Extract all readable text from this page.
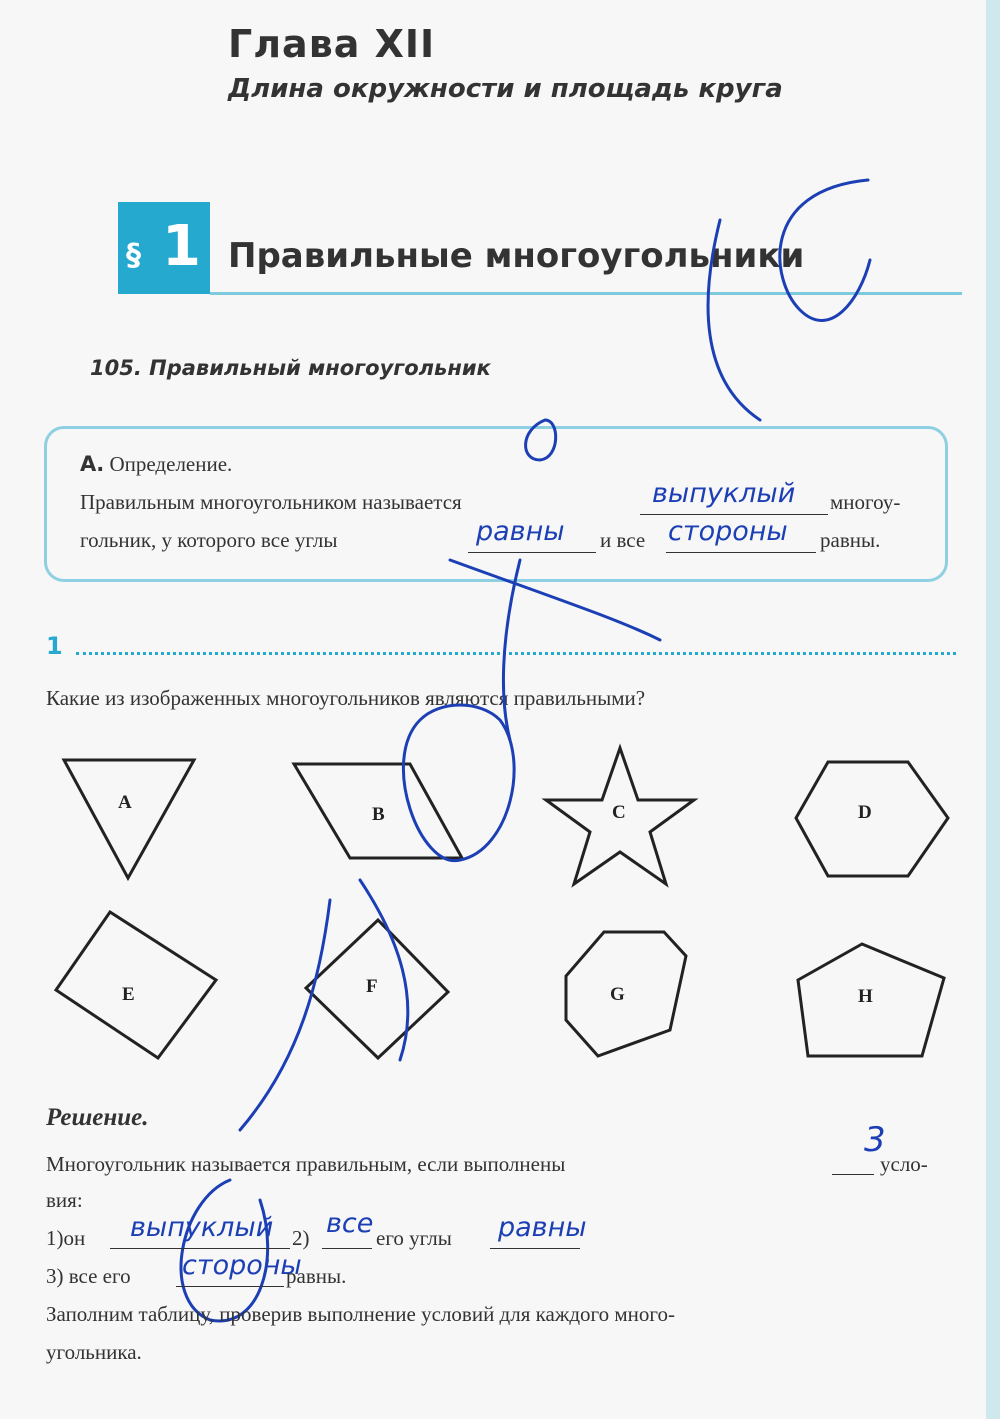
Глава XII
Длина окружности и площадь круга
§ 1 Правильные многоугольники
105. Правильный многоугольник
А. Определение.
Правильным многоугольником называется	выпуклый многоу-
гольник, у которого все углы	равны и все стороны равны.
1
Какие из изображенных многоугольников являются правильными?
A
B	C	D
E	F	G	H
Решение.
Многоугольник называется правильным, если выполнены
3
усло-
вия:
1)он выпуклый 2) все его углы равны
3) все его стороны
равны.
Заполним таблицу, проверив выполнение условий для каждого много-
угольника.
